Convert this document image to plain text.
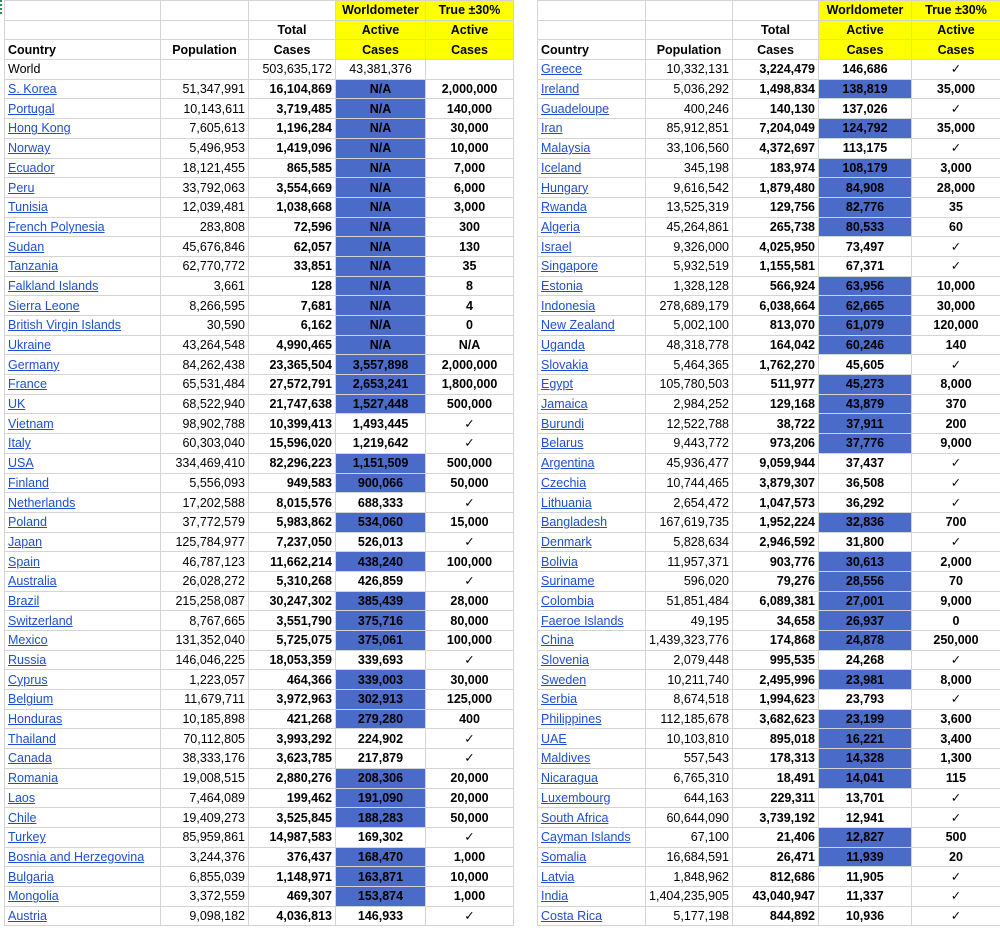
			Worldometer	True ±30%
		Total	Active	Active
Country	Population	Cases	Cases	Cases
World		503,635,172	43,381,376	
S. Korea	51,347,991	16,104,869	N/A	2,000,000
Portugal	10,143,611	3,719,485	N/A	140,000
Hong Kong	7,605,613	1,196,284	N/A	30,000
Norway	5,496,953	1,419,096	N/A	10,000
Ecuador	18,121,455	865,585	N/A	7,000
Peru	33,792,063	3,554,669	N/A	6,000
Tunisia	12,039,481	1,038,668	N/A	3,000
French Polynesia	283,808	72,596	N/A	300
Sudan	45,676,846	62,057	N/A	130
Tanzania	62,770,772	33,851	N/A	35
Falkland Islands	3,661	128	N/A	8
Sierra Leone	8,266,595	7,681	N/A	4
British Virgin Islands	30,590	6,162	N/A	0
Ukraine	43,264,548	4,990,465	N/A	N/A
Germany	84,262,438	23,365,504	3,557,898	2,000,000
France	65,531,484	27,572,791	2,653,241	1,800,000
UK	68,522,940	21,747,638	1,527,448	500,000
Vietnam	98,902,788	10,399,413	1,493,445	✓
Italy	60,303,040	15,596,020	1,219,642	✓
USA	334,469,410	82,296,223	1,151,509	500,000
Finland	5,556,093	949,583	900,066	50,000
Netherlands	17,202,588	8,015,576	688,333	✓
Poland	37,772,579	5,983,862	534,060	15,000
Japan	125,784,977	7,237,050	526,013	✓
Spain	46,787,123	11,662,214	438,240	100,000
Australia	26,028,272	5,310,268	426,859	✓
Brazil	215,258,087	30,247,302	385,439	28,000
Switzerland	8,767,665	3,551,790	375,716	80,000
Mexico	131,352,040	5,725,075	375,061	100,000
Russia	146,046,225	18,053,359	339,693	✓
Cyprus	1,223,057	464,366	339,003	30,000
Belgium	11,679,711	3,972,963	302,913	125,000
Honduras	10,185,898	421,268	279,280	400
Thailand	70,112,805	3,993,292	224,902	✓
Canada	38,333,176	3,623,785	217,879	✓
Romania	19,008,515	2,880,276	208,306	20,000
Laos	7,464,089	199,462	191,090	20,000
Chile	19,409,273	3,525,845	188,283	50,000
Turkey	85,959,861	14,987,583	169,302	✓
Bosnia and Herzegovina	3,244,376	376,437	168,470	1,000
Bulgaria	6,855,039	1,148,971	163,871	10,000
Mongolia	3,372,559	469,307	153,874	1,000
Austria	9,098,182	4,036,813	146,933	✓
			Worldometer	True ±30%
		Total	Active	Active
Country	Population	Cases	Cases	Cases
Greece	10,332,131	3,224,479	146,686	✓
Ireland	5,036,292	1,498,834	138,819	35,000
Guadeloupe	400,246	140,130	137,026	✓
Iran	85,912,851	7,204,049	124,792	35,000
Malaysia	33,106,560	4,372,697	113,175	✓
Iceland	345,198	183,974	108,179	3,000
Hungary	9,616,542	1,879,480	84,908	28,000
Rwanda	13,525,319	129,756	82,776	35
Algeria	45,264,861	265,738	80,533	60
Israel	9,326,000	4,025,950	73,497	✓
Singapore	5,932,519	1,155,581	67,371	✓
Estonia	1,328,128	566,924	63,956	10,000
Indonesia	278,689,179	6,038,664	62,665	30,000
New Zealand	5,002,100	813,070	61,079	120,000
Uganda	48,318,778	164,042	60,246	140
Slovakia	5,464,365	1,762,270	45,605	✓
Egypt	105,780,503	511,977	45,273	8,000
Jamaica	2,984,252	129,168	43,879	370
Burundi	12,522,788	38,722	37,911	200
Belarus	9,443,772	973,206	37,776	9,000
Argentina	45,936,477	9,059,944	37,437	✓
Czechia	10,744,465	3,879,307	36,508	✓
Lithuania	2,654,472	1,047,573	36,292	✓
Bangladesh	167,619,735	1,952,224	32,836	700
Denmark	5,828,634	2,946,592	31,800	✓
Bolivia	11,957,371	903,776	30,613	2,000
Suriname	596,020	79,276	28,556	70
Colombia	51,851,484	6,089,381	27,001	9,000
Faeroe Islands	49,195	34,658	26,937	0
China	1,439,323,776	174,868	24,878	250,000
Slovenia	2,079,448	995,535	24,268	✓
Sweden	10,211,740	2,495,996	23,981	8,000
Serbia	8,674,518	1,994,623	23,793	✓
Philippines	112,185,678	3,682,623	23,199	3,600
UAE	10,103,810	895,018	16,221	3,400
Maldives	557,543	178,313	14,328	1,300
Nicaragua	6,765,310	18,491	14,041	115
Luxembourg	644,163	229,311	13,701	✓
South Africa	60,644,090	3,739,192	12,941	✓
Cayman Islands	67,100	21,406	12,827	500
Somalia	16,684,591	26,471	11,939	20
Latvia	1,848,962	812,686	11,905	✓
India	1,404,235,905	43,040,947	11,337	✓
Costa Rica	5,177,198	844,892	10,936	✓
